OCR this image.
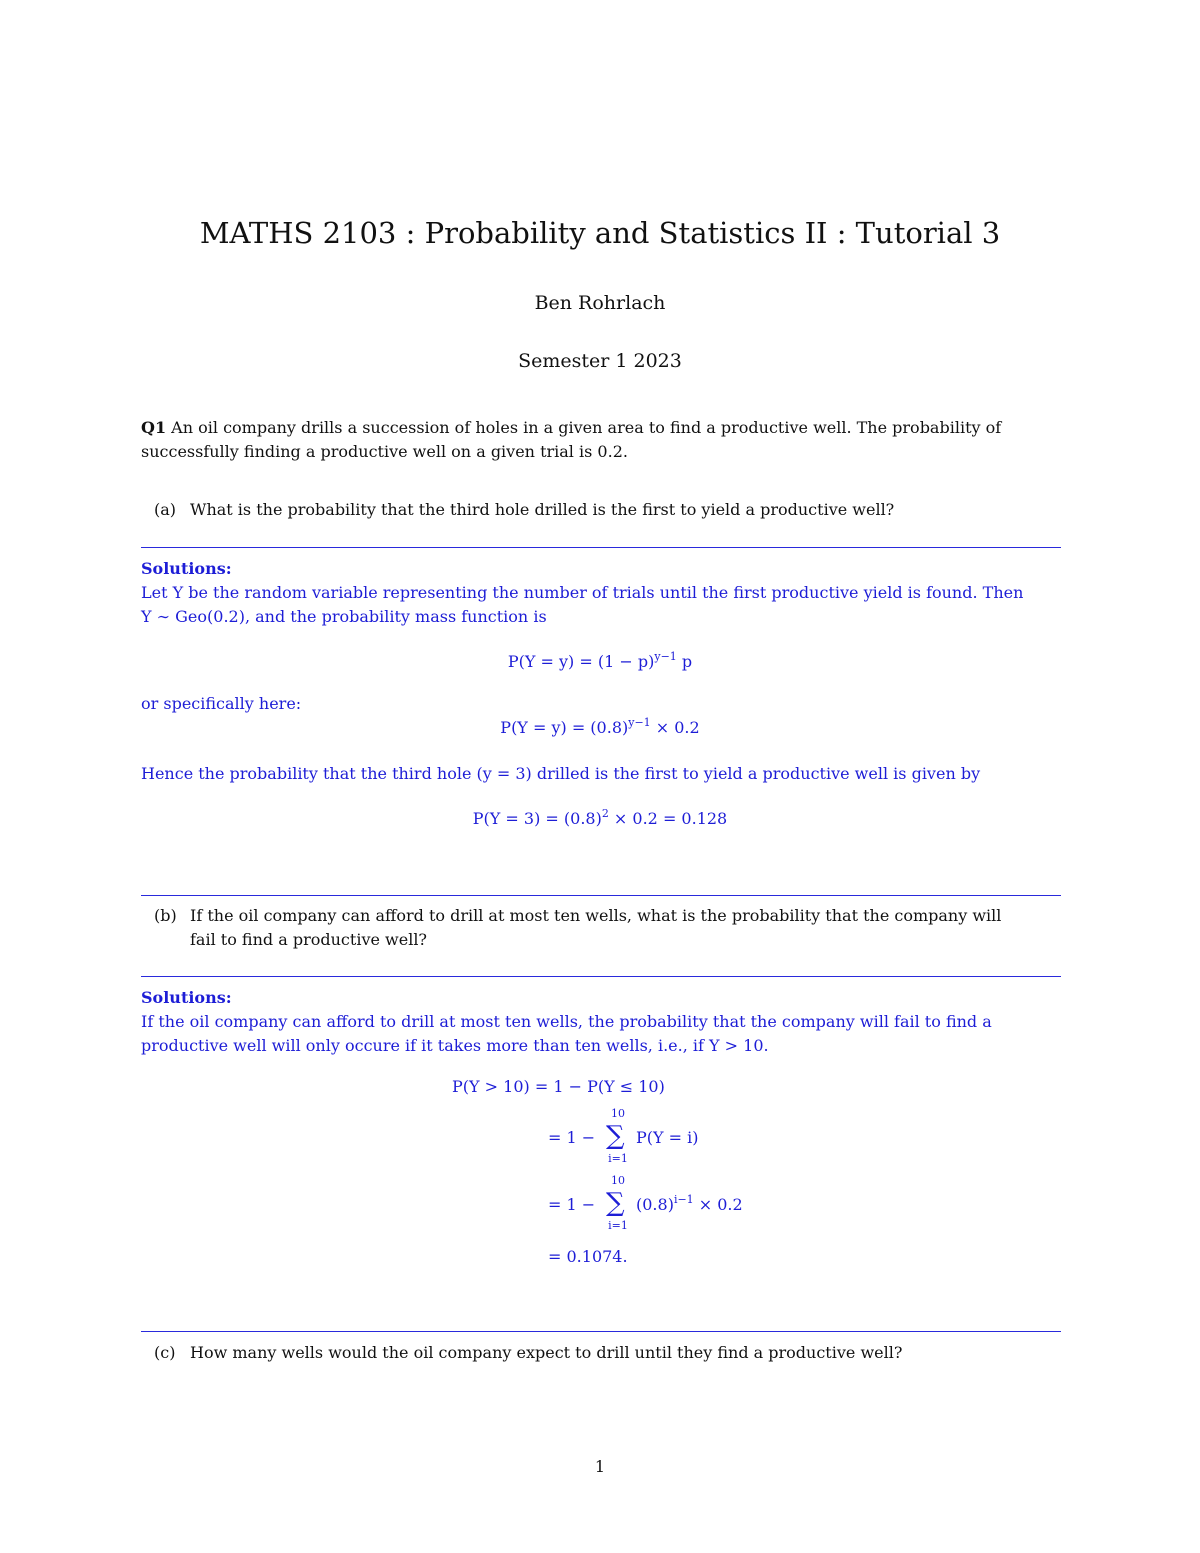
MATHS 2103 : Probability and Statistics II : Tutorial 3
Ben Rohrlach
Semester 1 2023
Q1 An oil company drills a succession of holes in a given area to find a productive well. The probability of
successfully finding a productive well on a given trial is 0.2.
(a) What is the probability that the third hole drilled is the first to yield a productive well?
Solutions:
Let Y be the random variable representing the number of trials until the first productive yield is found. Then
Y ∼ Geo(0.2), and the probability mass function is
$P(Y = y) = (1 - p)^{y-1}$ p
or specifically here:
$P(Y = y) = (0.8)^{y-1} \times 0.2$
Hence the probability that the third hole (y = 3) drilled is the first to yield a productive well is given by
$P(Y = 3) = (0.8)^2 \times 0.2 = 0.128$
(b) If the oil company can afford to drill at most ten wells, what is the probability that the company will
fail to find a productive well?
Solutions:
If the oil company can afford to drill at most ten wells, the probability that the company will fail to find a
productive well will only occure if it takes more than ten wells, i.e., if Y > 10.
P(Y > 10) = 1 − P(Y ≤ 10)
= 1 −
10
∑
i=1
P(Y = i)
= 1 −
10
∑
i=1
$(0.8)^{i-1} \times 0.2$
= 0.1074.
(c) How many wells would the oil company expect to drill until they find a productive well?
1
